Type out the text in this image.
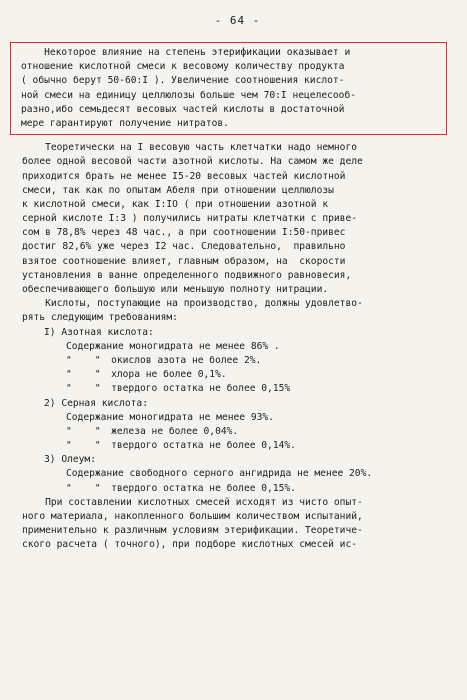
- 64 -
Некоторое влияние на степень этерификации оказывает и
отношение кислотной смеси к весовому количеству продукта
( обычно берут 50-60:I ). Увеличение соотношения кислот-
ной смеси на единицу целлюлозы больше чем 70:I нецелесооб-
разно,ибо семьдесят весовых частей кислоты в достаточной
мере гарантируют получение нитратов.
Теоретически на I весовую часть клетчатки надо немного
более одной весовой части азотной кислоты. На самом же деле
приходится брать не менее I5-20 весовых частей кислотной
смеси, так как по опытам Абеля при отношении целлюлозы
к кислотной смеси, как I:IO ( при отношении азотной к
серной кислоте I:3 ) получились нитраты клетчатки с приве-
сом в 78,8% через 48 час., а при соотношении I:50-привес
достиг 82,6% уже через I2 час. Следовательно,  правильно
взятое соотношение влияет, главным образом, на  скорости
установления в ванне определенного подвижного равновесия,
обеспечивающего большую или меньшую полноту нитрации.
Кислоты, поступающие на производство, должны удовлетво-
рять следующим требованиям:
I) Азотная кислота:
Содержание моногидрата не менее 86% .
"    " окислов азота не более 2%.
"    " хлора не более 0,1%.
"    " твердого остатка не более 0,15%
2) Серная кислота:
Содержание моногидрата не менее 93%.
"    " железа не более 0,04%.
"    " твердого остатка не более 0,14%.
3) Олеум:
Содержание свободного серного ангидрида не менее 20%.
"    " твердого остатка не более 0,15%.
При составлении кислотных смесей исходят из чисто опыт-
ного материала, накопленного большим количеством испытаний,
применительно к различным условиям этерификации. Теоретиче-
ского расчета ( точного), при подборе кислотных смесей ис-
